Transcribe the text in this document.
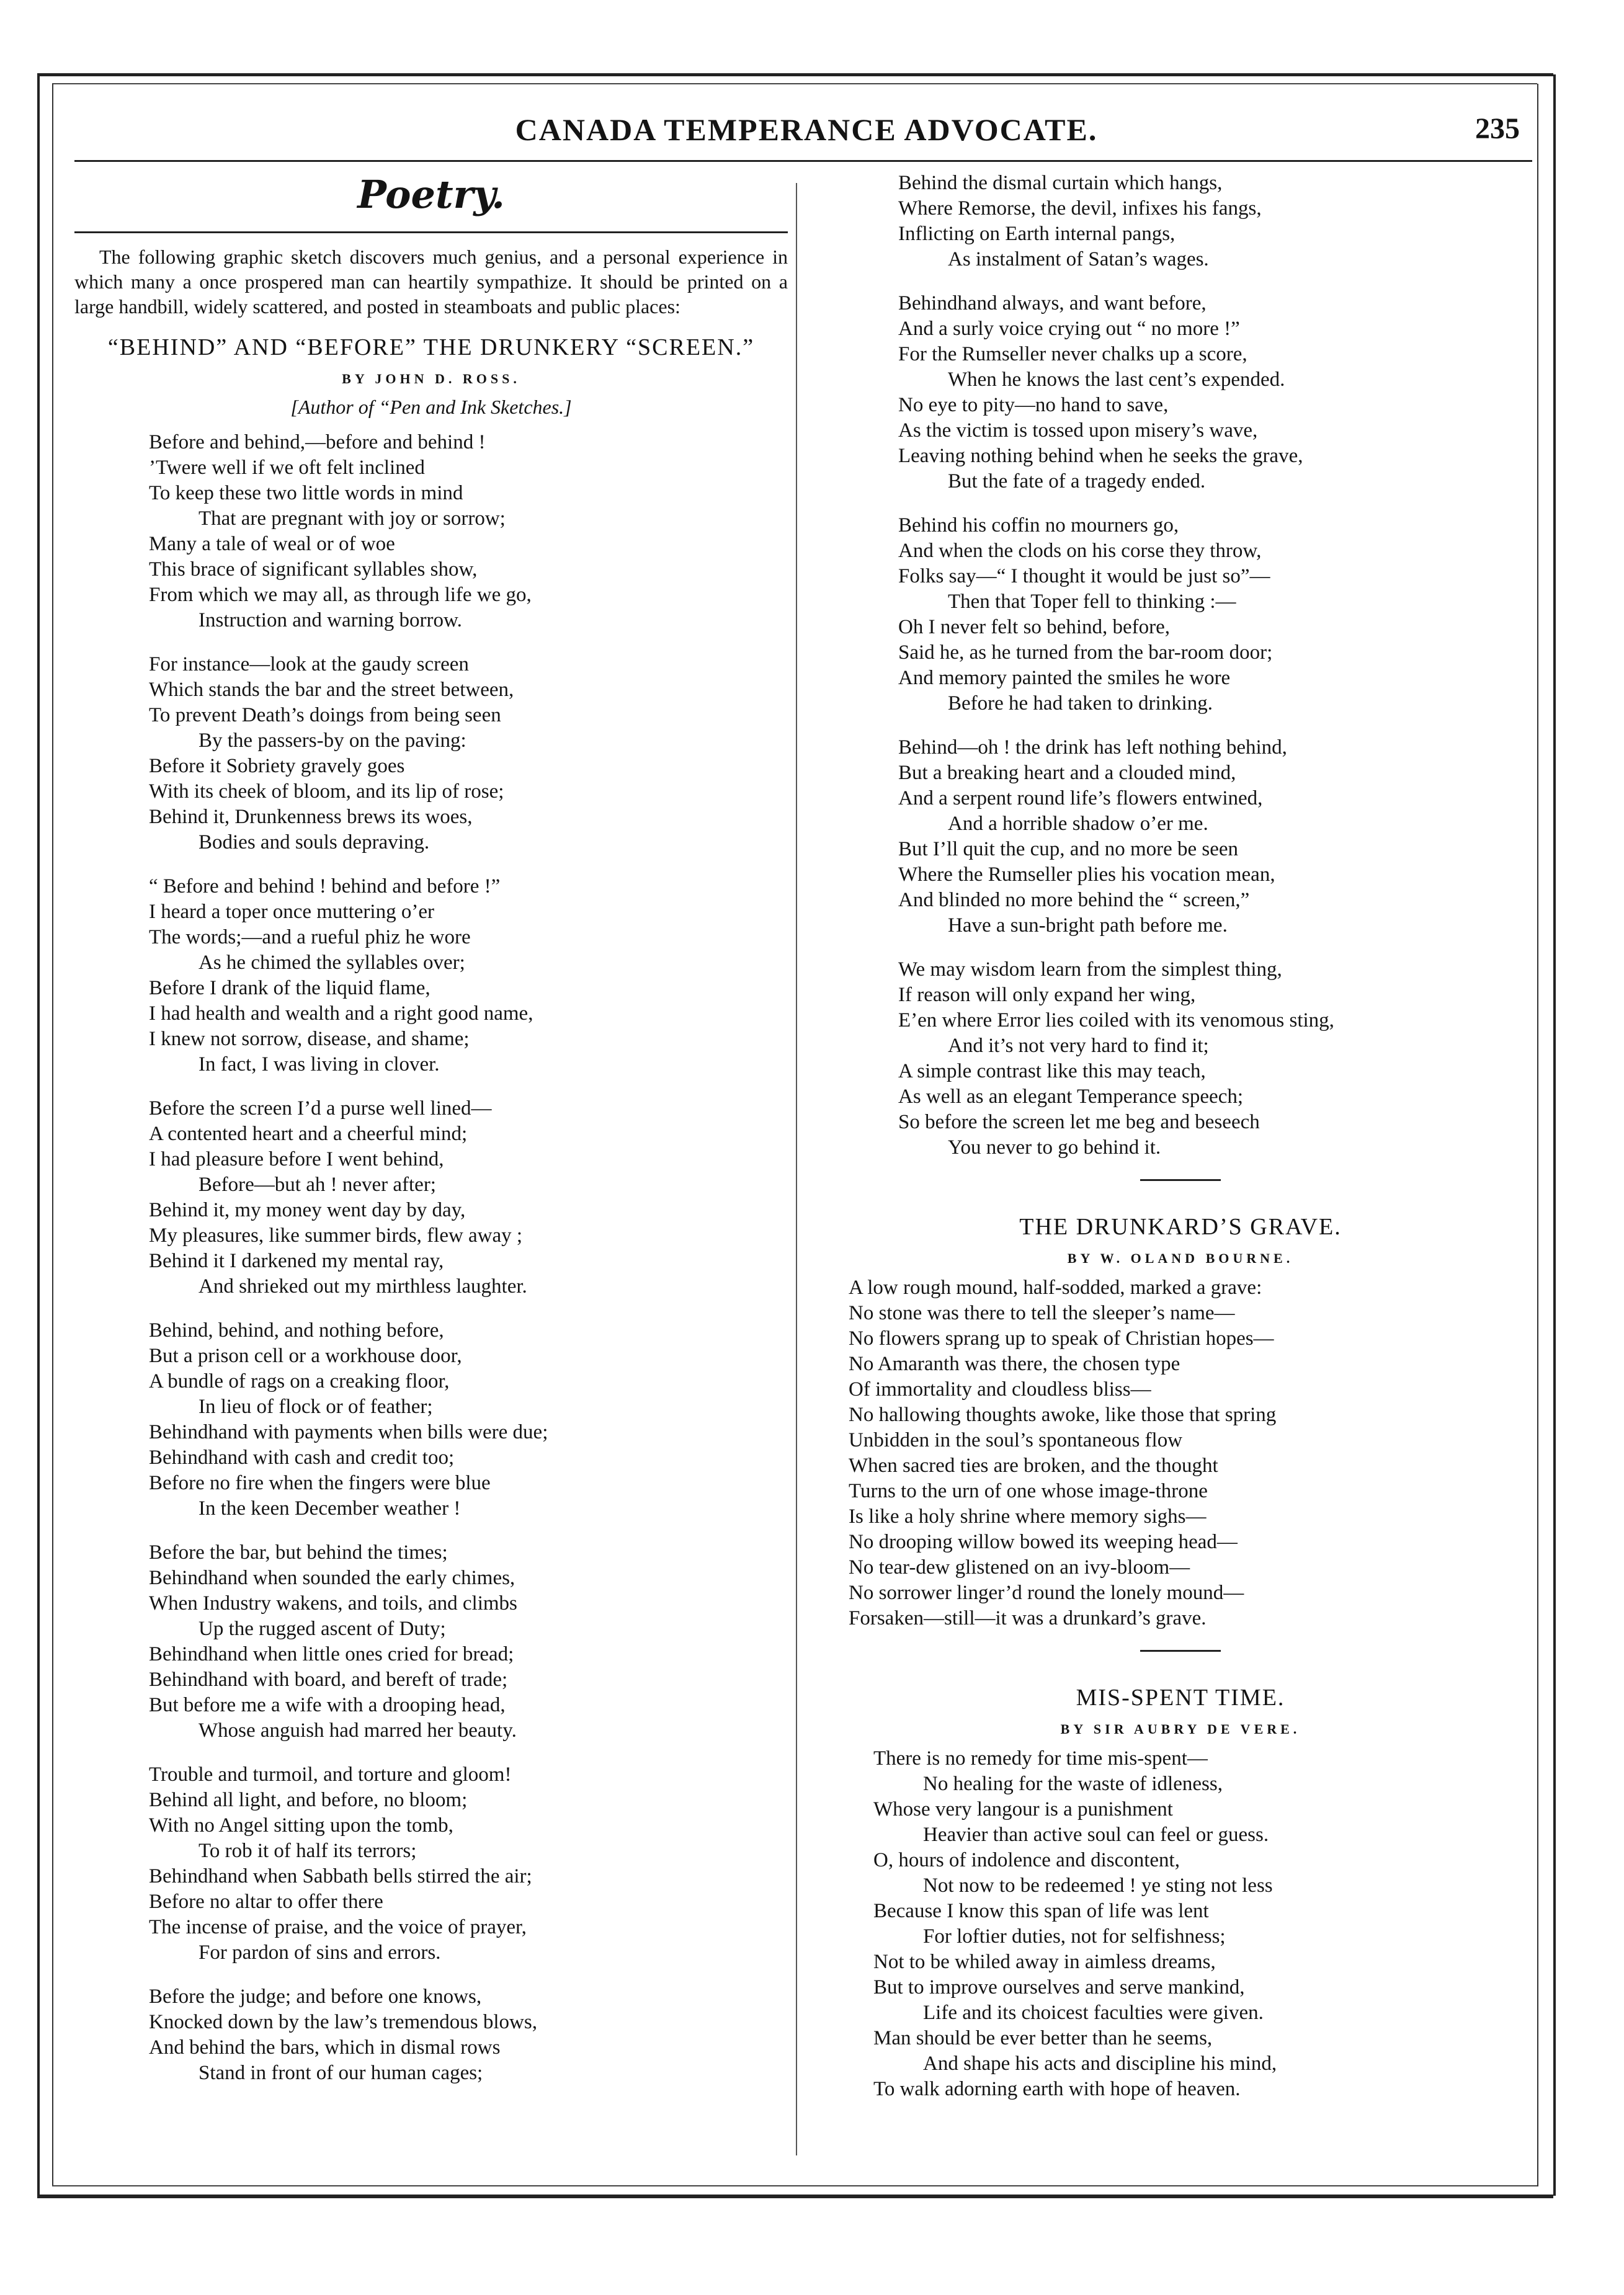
CANADA TEMPERANCE ADVOCATE.	235
Poetry.
The following graphic sketch discovers much genius, and a personal experience in which many a once prospered man can heartily sympathize. It should be printed on a large handbill, widely scattered, and posted in steamboats and public places:
“BEHIND” AND “BEFORE” THE DRUNKERY “SCREEN.”
BY JOHN D. ROSS.
[Author of “Pen and Ink Sketches.]
Before and behind,—before and behind !
’Twere well if we oft felt inclined
To keep these two little words in mind
That are pregnant with joy or sorrow;
Many a tale of weal or of woe
This brace of significant syllables show,
From which we may all, as through life we go,
Instruction and warning borrow.
For instance—look at the gaudy screen
Which stands the bar and the street between,
To prevent Death’s doings from being seen
By the passers-by on the paving:
Before it Sobriety gravely goes
With its cheek of bloom, and its lip of rose;
Behind it, Drunkenness brews its woes,
Bodies and souls depraving.
“ Before and behind ! behind and before !”
I heard a toper once muttering o’er
The words;—and a rueful phiz he wore
As he chimed the syllables over;
Before I drank of the liquid flame,
I had health and wealth and a right good name,
I knew not sorrow, disease, and shame;
In fact, I was living in clover.
Before the screen I’d a purse well lined—
A contented heart and a cheerful mind;
I had pleasure before I went behind,
Before—but ah ! never after;
Behind it, my money went day by day,
My pleasures, like summer birds, flew away ;
Behind it I darkened my mental ray,
And shrieked out my mirthless laughter.
Behind, behind, and nothing before,
But a prison cell or a workhouse door,
A bundle of rags on a creaking floor,
In lieu of flock or of feather;
Behindhand with payments when bills were due;
Behindhand with cash and credit too;
Before no fire when the fingers were blue
In the keen December weather !
Before the bar, but behind the times;
Behindhand when sounded the early chimes,
When Industry wakens, and toils, and climbs
Up the rugged ascent of Duty;
Behindhand when little ones cried for bread;
Behindhand with board, and bereft of trade;
But before me a wife with a drooping head,
Whose anguish had marred her beauty.
Trouble and turmoil, and torture and gloom!
Behind all light, and before, no bloom;
With no Angel sitting upon the tomb,
To rob it of half its terrors;
Behindhand when Sabbath bells stirred the air;
Before no altar to offer there
The incense of praise, and the voice of prayer,
For pardon of sins and errors.
Before the judge; and before one knows,
Knocked down by the law’s tremendous blows,
And behind the bars, which in dismal rows
Stand in front of our human cages;
Behind the dismal curtain which hangs,
Where Remorse, the devil, infixes his fangs,
Inflicting on Earth internal pangs,
As instalment of Satan’s wages.
Behindhand always, and want before,
And a surly voice crying out “ no more !”
For the Rumseller never chalks up a score,
When he knows the last cent’s expended.
No eye to pity—no hand to save,
As the victim is tossed upon misery’s wave,
Leaving nothing behind when he seeks the grave,
But the fate of a tragedy ended.
Behind his coffin no mourners go,
And when the clods on his corse they throw,
Folks say—“ I thought it would be just so”—
Then that Toper fell to thinking :—
Oh I never felt so behind, before,
Said he, as he turned from the bar-room door;
And memory painted the smiles he wore
Before he had taken to drinking.
Behind—oh ! the drink has left nothing behind,
But a breaking heart and a clouded mind,
And a serpent round life’s flowers entwined,
And a horrible shadow o’er me.
But I’ll quit the cup, and no more be seen
Where the Rumseller plies his vocation mean,
And blinded no more behind the “ screen,”
Have a sun-bright path before me.
We may wisdom learn from the simplest thing,
If reason will only expand her wing,
E’en where Error lies coiled with its venomous sting,
And it’s not very hard to find it;
A simple contrast like this may teach,
As well as an elegant Temperance speech;
So before the screen let me beg and beseech
You never to go behind it.
THE DRUNKARD’S GRAVE.
BY W. OLAND BOURNE.
A low rough mound, half-sodded, marked a grave:
No stone was there to tell the sleeper’s name—
No flowers sprang up to speak of Christian hopes—
No Amaranth was there, the chosen type
Of immortality and cloudless bliss—
No hallowing thoughts awoke, like those that spring
Unbidden in the soul’s spontaneous flow
When sacred ties are broken, and the thought
Turns to the urn of one whose image-throne
Is like a holy shrine where memory sighs—
No drooping willow bowed its weeping head—
No tear-dew glistened on an ivy-bloom—
No sorrower linger’d round the lonely mound—
Forsaken—still—it was a drunkard’s grave.
MIS-SPENT TIME.
BY SIR AUBRY DE VERE.
There is no remedy for time mis-spent—
No healing for the waste of idleness,
Whose very langour is a punishment
Heavier than active soul can feel or guess.
O, hours of indolence and discontent,
Not now to be redeemed ! ye sting not less
Because I know this span of life was lent
For loftier duties, not for selfishness;
Not to be whiled away in aimless dreams,
But to improve ourselves and serve mankind,
Life and its choicest faculties were given.
Man should be ever better than he seems,
And shape his acts and discipline his mind,
To walk adorning earth with hope of heaven.
